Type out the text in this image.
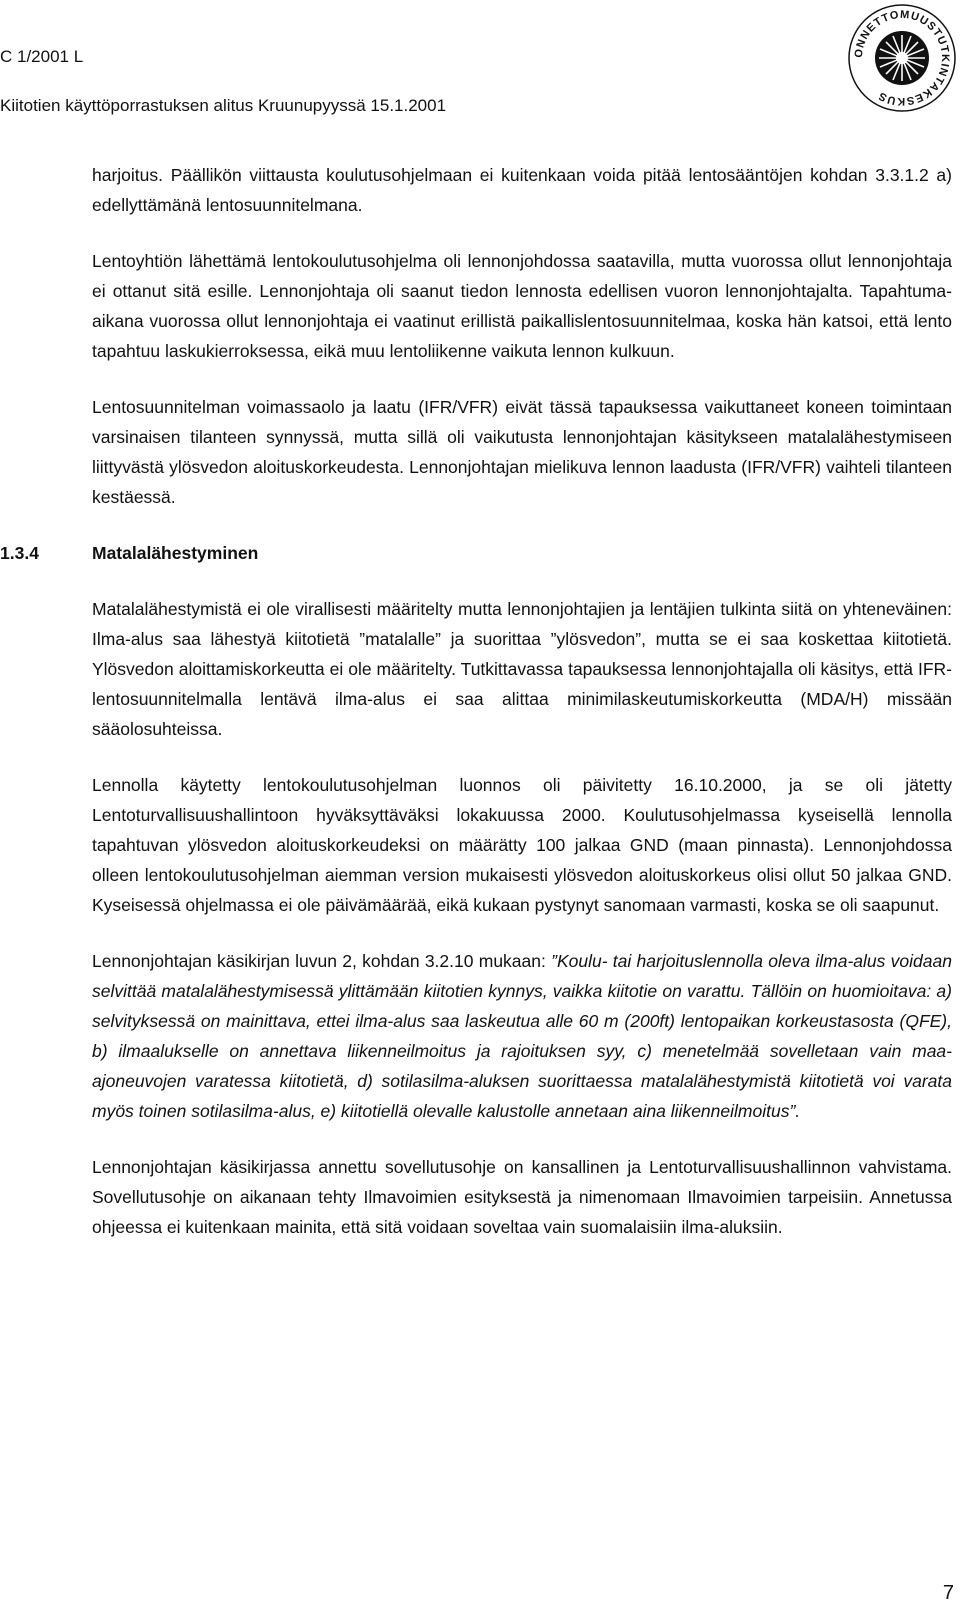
C 1/2001 L
Kiitotien käyttöporrastuksen alitus Kruunupyyssä 15.1.2001
ONNETTOMUUSTUTKINTAKESKUS

harjoitus. Päällikön viittausta koulutusohjelmaan ei kuitenkaan voida pitää lentosääntöjen kohdan 3.3.1.2 a) edellyttämänä lentosuunnitelmana.

Lentoyhtiön lähettämä lentokoulutusohjelma oli lennonjohdossa saatavilla, mutta vuorossa ollut lennonjohtaja ei ottanut sitä esille. Lennonjohtaja oli saanut tiedon lennosta edellisen vuoron lennonjohtajalta. Tapahtuma-aikana vuorossa ollut lennonjohtaja ei vaatinut erillistä paikallislentosuunnitelmaa, koska hän katsoi, että lento tapahtuu laskukierroksessa, eikä muu lentoliikenne vaikuta lennon kulkuun.

Lentosuunnitelman voimassaolo ja laatu (IFR/VFR) eivät tässä tapauksessa vaikuttaneet koneen toimintaan varsinaisen tilanteen synnyssä, mutta sillä oli vaikutusta lennonjohtajan käsitykseen matalalähestymiseen liittyvästä ylösvedon aloituskorkeudesta. Lennonjohtajan mielikuva lennon laadusta (IFR/VFR) vaihteli tilanteen kestäessä.

1.3.4	Matalalähestyminen

Matalalähestymistä ei ole virallisesti määritelty mutta lennonjohtajien ja lentäjien tulkinta siitä on yhteneväinen: Ilma-alus saa lähestyä kiitotietä ”matalalle” ja suorittaa ”ylösvedon”, mutta se ei saa koskettaa kiitotietä. Ylösvedon aloittamiskorkeutta ei ole määritelty. Tutkittavassa tapauksessa lennonjohtajalla oli käsitys, että IFR-lentosuunnitelmalla lentävä ilma-alus ei saa alittaa minimilaskeutumiskorkeutta (MDA/H) missään sääolosuhteissa.

Lennolla käytetty lentokoulutusohjelman luonnos oli päivitetty 16.10.2000, ja se oli jätetty Lentoturvallisuushallintoon hyväksyttäväksi lokakuussa 2000. Koulutusohjelmassa kyseisellä lennolla tapahtuvan ylösvedon aloituskorkeudeksi on määrätty 100 jalkaa GND (maan pinnasta). Lennonjohdossa olleen lentokoulutusohjelman aiemman version mukaisesti ylösvedon aloituskorkeus olisi ollut 50 jalkaa GND. Kyseisessä ohjelmassa ei ole päivämäärää, eikä kukaan pystynyt sanomaan varmasti, koska se oli saapunut.

Lennonjohtajan käsikirjan luvun 2, kohdan 3.2.10 mukaan: ”Koulu- tai harjoituslennolla oleva ilma-alus voidaan selvittää matalalähestymisessä ylittämään kiitotien kynnys, vaikka kiitotie on varattu. Tällöin on huomioitava: a) selvityksessä on mainittava, ettei ilma-alus saa laskeutua alle 60 m (200ft) lentopaikan korkeustasosta (QFE), b) ilmaalukselle on annettava liikenneilmoitus ja rajoituksen syy, c) menetelmää sovelletaan vain maa-ajoneuvojen varatessa kiitotietä, d) sotilasilma-aluksen suorittaessa matalalähestymistä kiitotietä voi varata myös toinen sotilasilma-alus, e) kiitotiellä olevalle kalustolle annetaan aina liikenneilmoitus”.

Lennonjohtajan käsikirjassa annettu sovellutusohje on kansallinen ja Lentoturvallisuushallinnon vahvistama. Sovellutusohje on aikanaan tehty Ilmavoimien esityksestä ja nimenomaan Ilmavoimien tarpeisiin. Annetussa ohjeessa ei kuitenkaan mainita, että sitä voidaan soveltaa vain suomalaisiin ilma-aluksiin.

7
